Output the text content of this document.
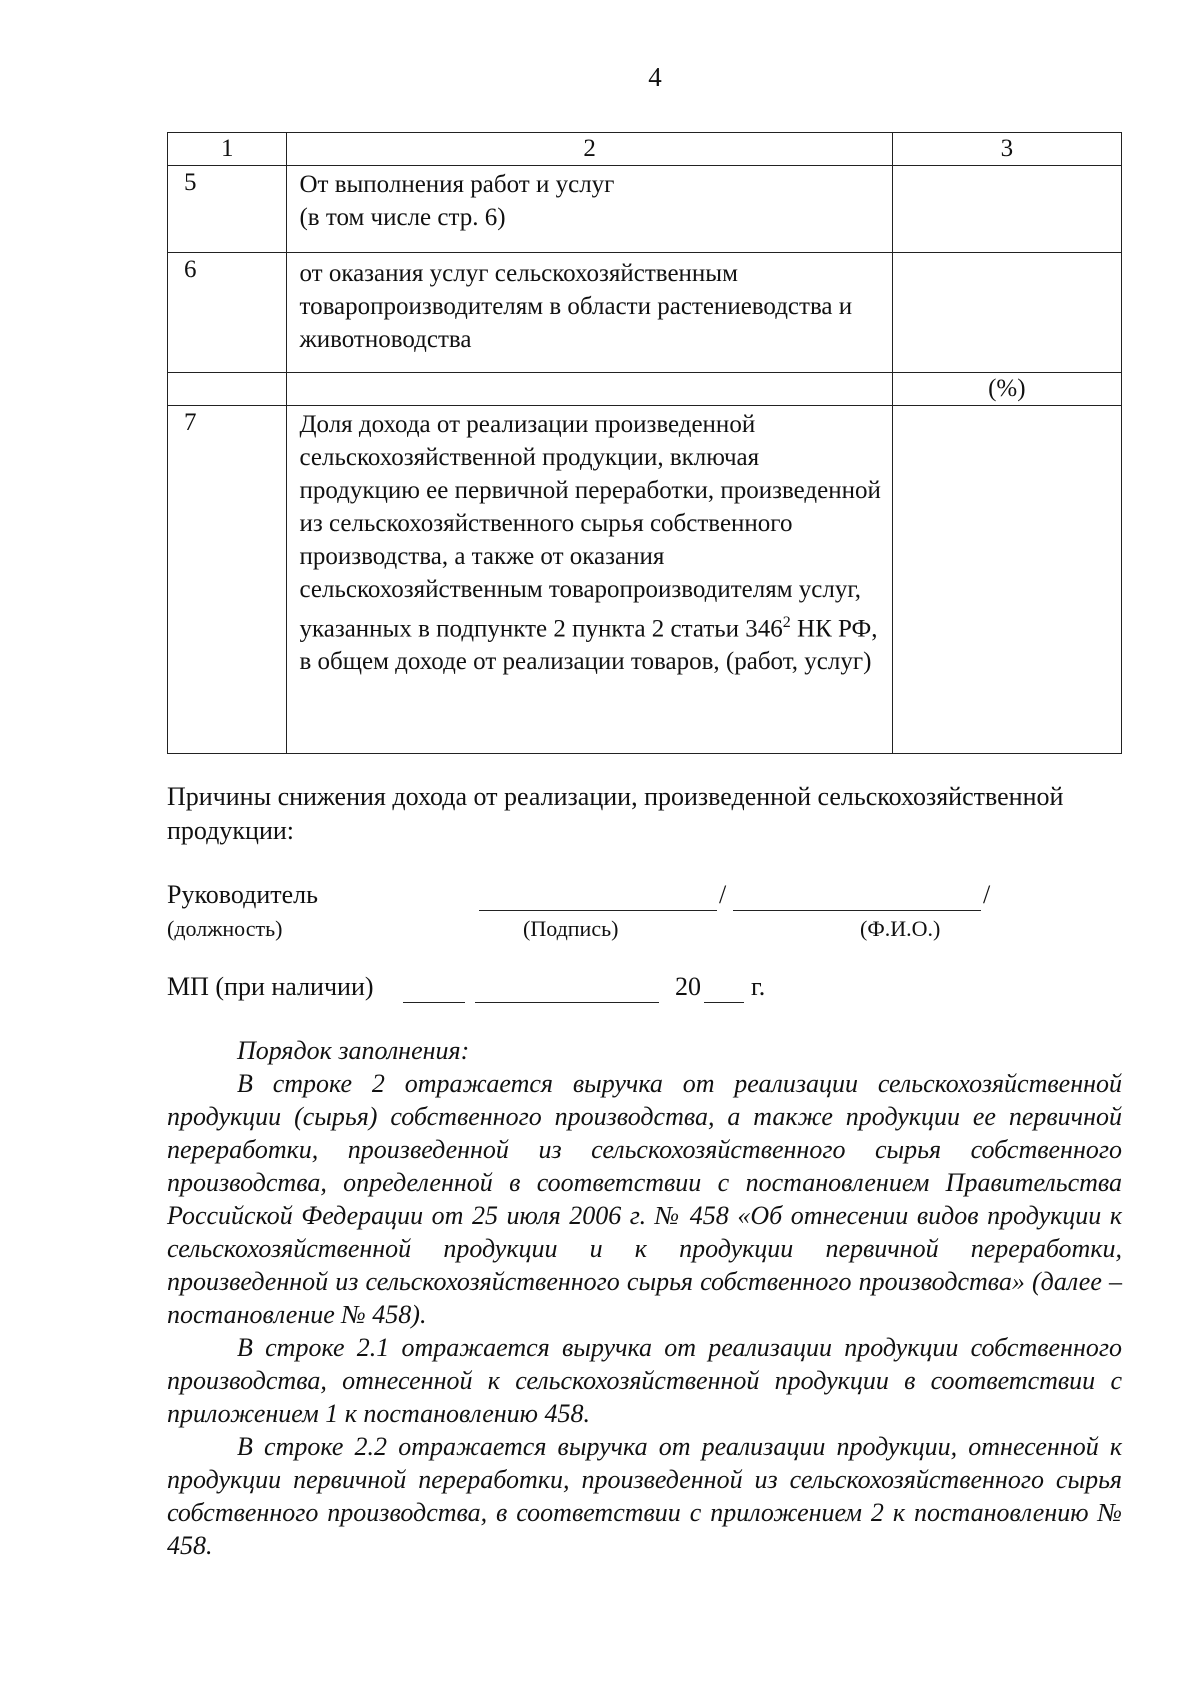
4
1	2	3
5	От выполнения работ и услуг
(в том числе стр. 6)	

6	от оказания услуг сельскохозяйственным товаропроизводителям в области растениеводства и животноводства	
		(%)
7	Доля дохода от реализации произведенной сельскохозяйственной продукции, включая продукцию ее первичной переработки, произведенной из сельскохозяйственного сырья собственного производства, а также от оказания сельскохозяйственным товаропроизводителям услуг, указанных в подпункте 2 пункта 2 статьи $346^2$ НК РФ, в общем доходе от реализации товаров, (работ, услуг)	
Причины снижения дохода от реализации, произведенной сельскохозяйственной продукции:
Руководитель	/	/
(должность)	(Подпись)	(Ф.И.О.)
МП (при наличии)	20 г.
Порядок заполнения:

В строке 2 отражается выручка от реализации сельскохозяйственной продукции (сырья) собственного производства, а также продукции ее первичной переработки, произведенной из сельскохозяйственного сырья собственного производства, определенной в соответствии с постановлением Правительства Российской Федерации от 25 июля 2006 г. № 458 «Об отнесении видов продукции к сельскохозяйственной продукции и к продукции первичной переработки, произведенной из сельскохозяйственного сырья собственного производства» (далее – постановление № 458).

В строке 2.1 отражается выручка от реализации продукции собственного производства, отнесенной к сельскохозяйственной продукции в соответствии с приложением 1 к постановлению 458.

В строке 2.2 отражается выручка от реализации продукции, отнесенной к продукции первичной переработки, произведенной из сельскохозяйственного сырья собственного производства, в соответствии с приложением 2 к постановлению № 458.
